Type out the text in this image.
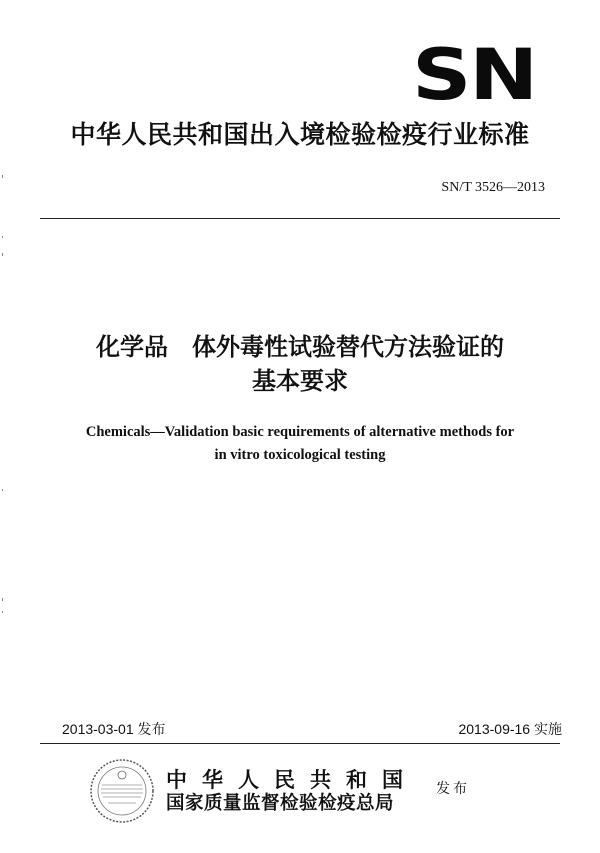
SN
中华人民共和国出入境检验检疫行业标准
SN/T 3526—2013
化学品　体外毒性试验替代方法验证的
基本要求
Chemicals—Validation basic requirements of alternative methods for
in vitro toxicological testing
2013-03-01 发布	2013-09-16 实施
中华人民共和国
国家质量监督检验检疫总局
发布
